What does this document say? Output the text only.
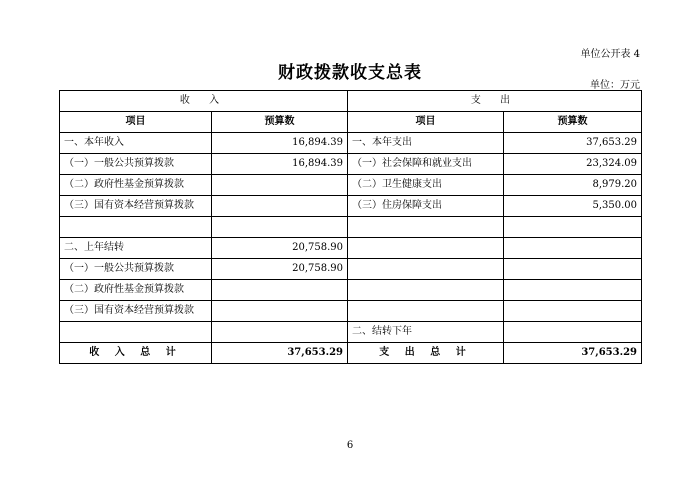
单位公开表 4
财政拨款收支总表
单位：万元
收 入		支 出	
项目	预算数	项目	预算数
一、本年收入	16,894.39	一、本年支出	37,653.29
（一）一般公共预算拨款	16,894.39	（一）社会保障和就业支出	23,324.09
（二）政府性基金预算拨款		（二）卫生健康支出	8,979.20
（三）国有资本经营预算拨款		（三）住房保障支出	5,350.00

二、上年结转	20,758.90		
（一）一般公共预算拨款	20,758.90		
（二）政府性基金预算拨款			
（三）国有资本经营预算拨款			
		二、结转下年	
收 入 总 计	37,653.29	支 出 总 计	37,653.29
6
